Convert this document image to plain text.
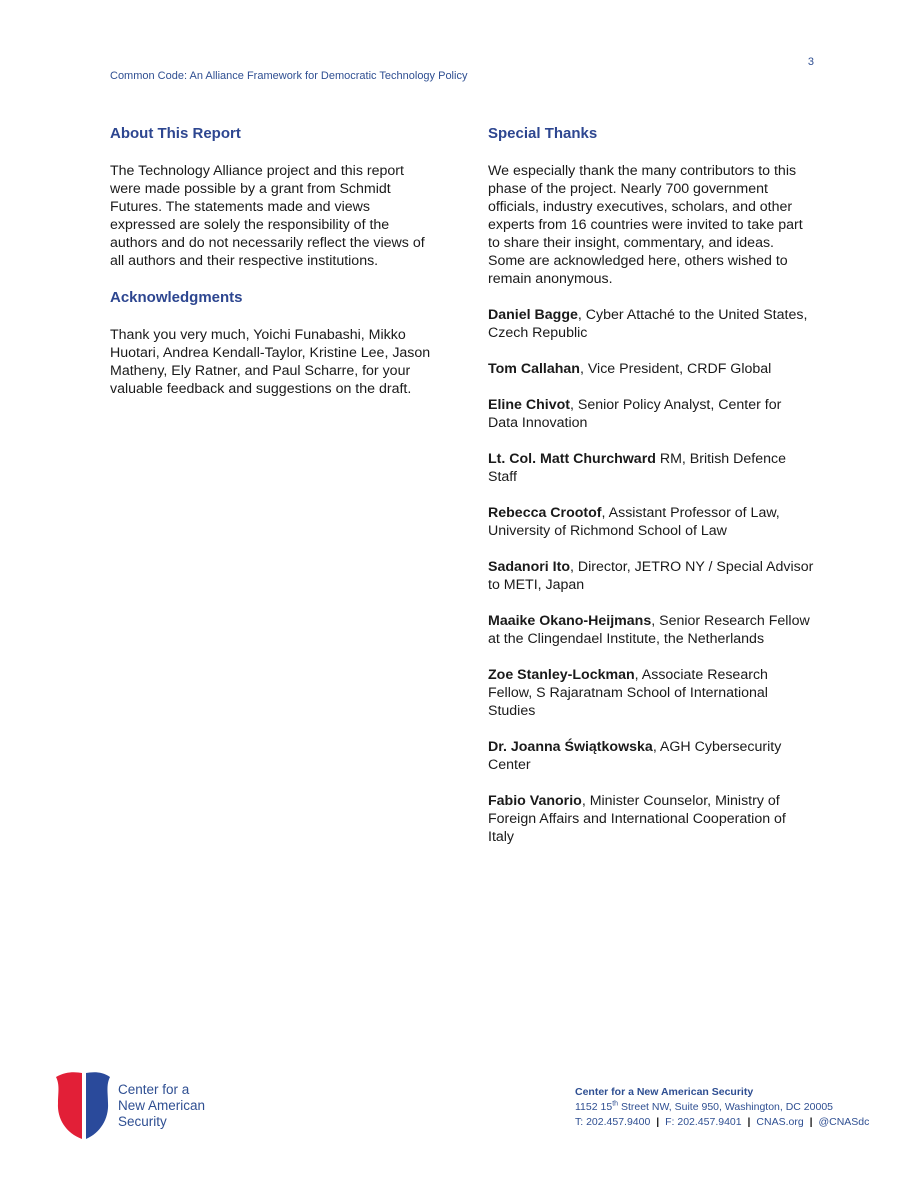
3
Common Code: An Alliance Framework for Democratic Technology Policy
About This Report

The Technology Alliance project and this report were made possible by a grant from Schmidt Futures. The statements made and views expressed are solely the responsibility of the authors and do not necessarily reflect the views of all authors and their respective institutions.

Acknowledgments

Thank you very much, Yoichi Funabashi, Mikko Huotari, Andrea Kendall-Taylor, Kristine Lee, Jason Matheny, Ely Ratner, and Paul Scharre, for your valuable feedback and suggestions on the draft.

Special Thanks

We especially thank the many contributors to this phase of the project. Nearly 700 government officials, industry executives, scholars, and other experts from 16 countries were invited to take part to share their insight, commentary, and ideas. Some are acknowledged here, others wished to remain anonymous.

Daniel Bagge, Cyber Attaché to the United States, Czech Republic

Tom Callahan, Vice President, CRDF Global

Eline Chivot, Senior Policy Analyst, Center for Data Innovation

Lt. Col. Matt Churchward RM, British Defence Staff

Rebecca Crootof, Assistant Professor of Law, University of Richmond School of Law

Sadanori Ito, Director, JETRO NY / Special Advisor to METI, Japan

Maaike Okano-Heijmans, Senior Research Fellow at the Clingendael Institute, the Netherlands

Zoe Stanley-Lockman, Associate Research Fellow, S Rajaratnam School of International Studies

Dr. Joanna Świątkowska, AGH Cybersecurity Center

Fabio Vanorio, Minister Counselor, Ministry of Foreign Affairs and International Cooperation of Italy

Center for a
New American
Security
Center for a New American Security
1152 15th Street NW, Suite 950, Washington, DC 20005
T: 202.457.9400 | F: 202.457.9401 | CNAS.org | @CNASdc
